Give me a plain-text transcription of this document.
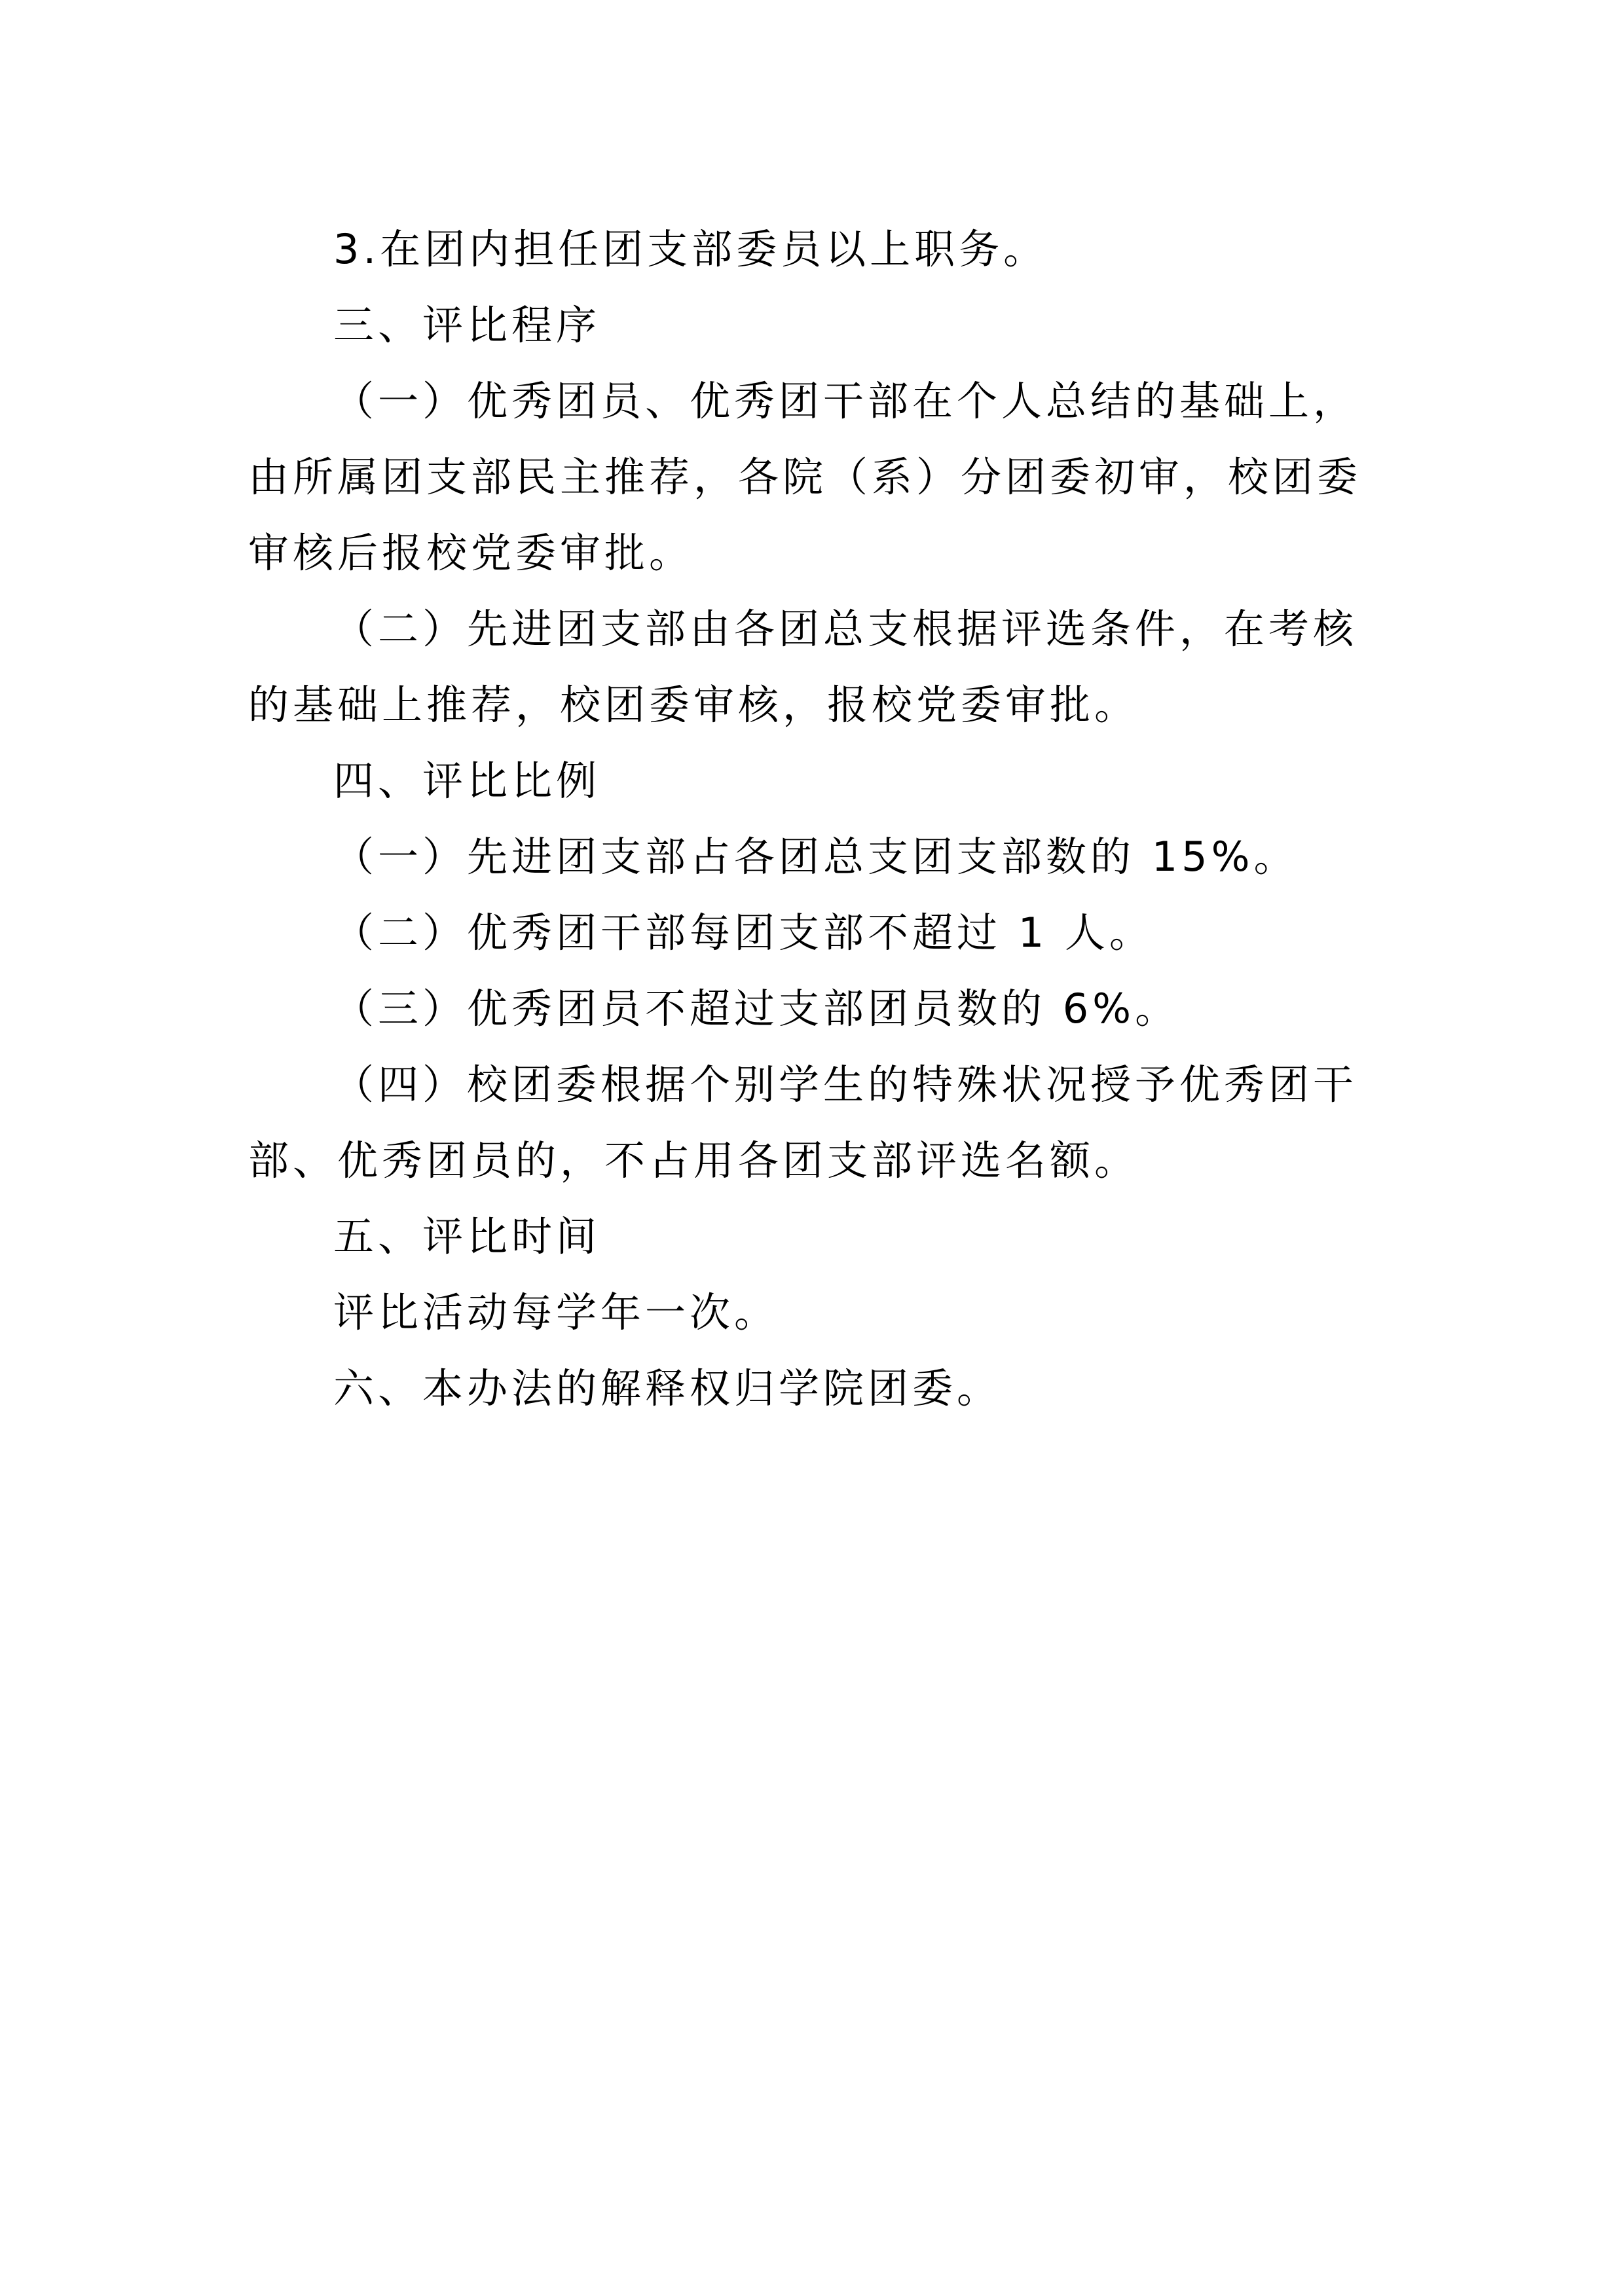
3.在团内担任团支部委员以上职务。

三、评比程序

（一）优秀团员、优秀团干部在个人总结的基础上，由所属团支部民主推荐，各院（系）分团委初审，校团委审核后报校党委审批。

（二）先进团支部由各团总支根据评选条件，在考核的基础上推荐，校团委审核，报校党委审批。

四、评比比例

（一）先进团支部占各团总支团支部数的 15%。

（二）优秀团干部每团支部不超过 1 人。

（三）优秀团员不超过支部团员数的 6%。

（四）校团委根据个别学生的特殊状况授予优秀团干部、优秀团员的，不占用各团支部评选名额。

五、评比时间

评比活动每学年一次。

六、本办法的解释权归学院团委。
